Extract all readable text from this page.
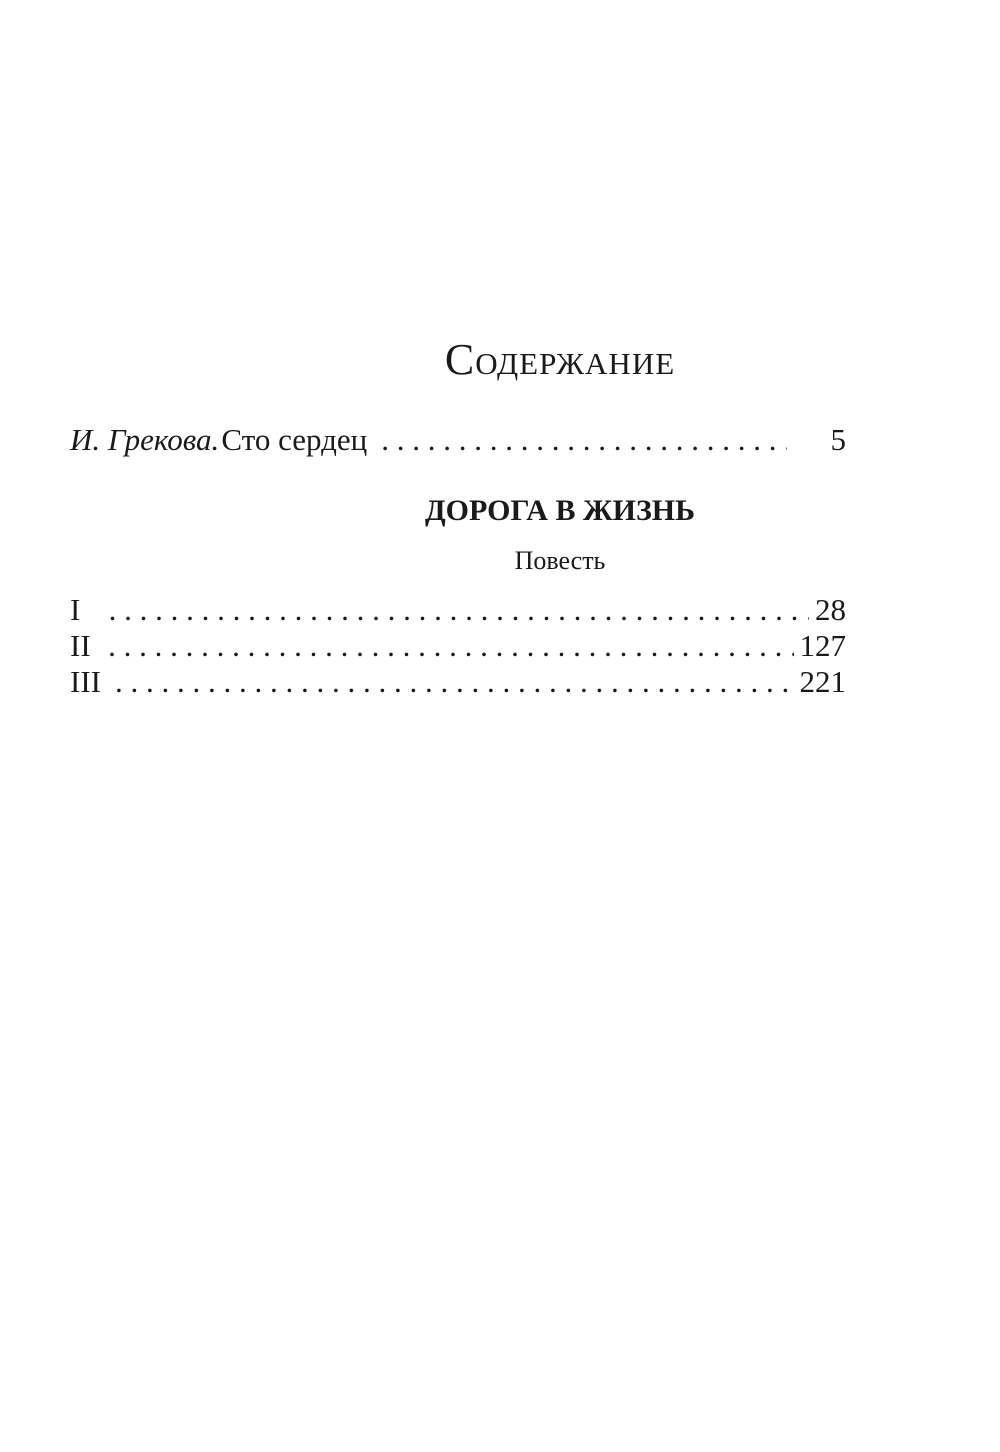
Содержание
И. Грекова. Сто сердец . . .	5
ДОРОГА В ЖИЗНЬ
Повесть
I . . .	28
II . . .	127
III . . .	221
